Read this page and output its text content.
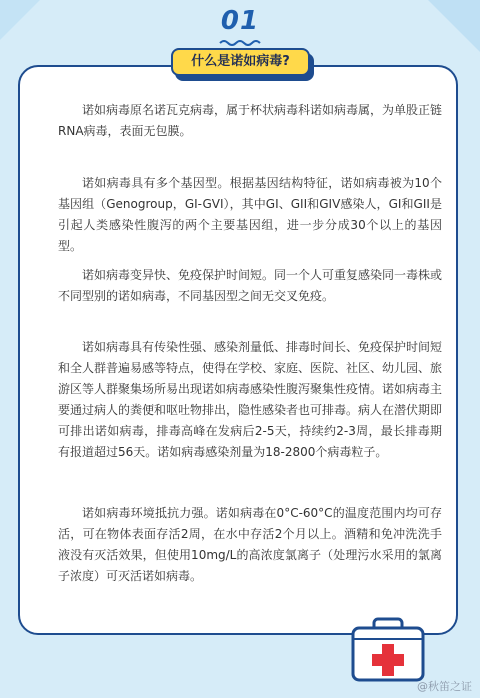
01
什么是诺如病毒?

诺如病毒原名诺瓦克病毒，属于杯状病毒科诺如病毒属，为单股正链RNA病毒，表面无包膜。

诺如病毒具有多个基因型。根据基因结构特征，诺如病毒被为10个基因组（Genogroup，GI-GVI），其中GI、GII和GIV感染人，GI和GII是引起人类感染性腹泻的两个主要基因组，进一步分成30个以上的基因型。

诺如病毒变异快、免疫保护时间短。同一个人可重复感染同一毒株或不同型别的诺如病毒，不同基因型之间无交叉免疫。

诺如病毒具有传染性强、感染剂量低、排毒时间长、免疫保护时间短和全人群普遍易感等特点，使得在学校、家庭、医院、社区、幼儿园、旅游区等人群聚集场所易出现诺如病毒感染性腹泻聚集性疫情。诺如病毒主要通过病人的粪便和呕吐物排出，隐性感染者也可排毒。病人在潜伏期即可排出诺如病毒，排毒高峰在发病后2-5天，持续约2-3周，最长排毒期有报道超过56天。诺如病毒感染剂量为18-2800个病毒粒子。

诺如病毒环境抵抗力强。诺如病毒在0°C-60°C的温度范围内均可存活，可在物体表面存活2周，在水中存活2个月以上。酒精和免冲洗洗手液没有灭活效果，但使用10mg/L的高浓度氯离子（处理污水采用的氯离子浓度）可灭活诺如病毒。

@秋笛之证
